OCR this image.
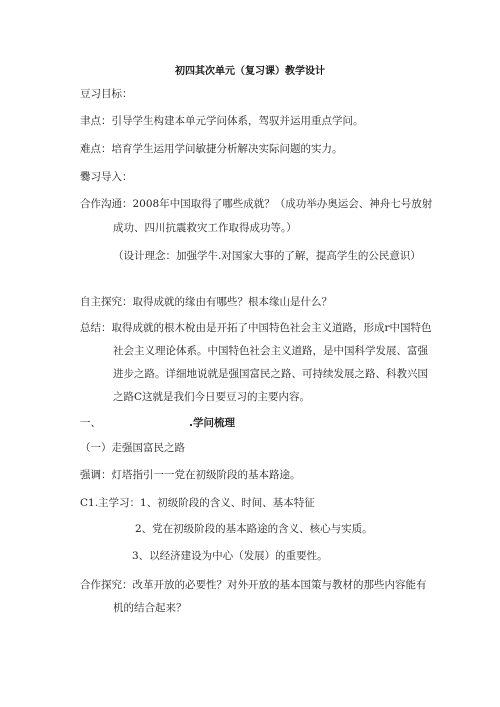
初四其次单元（复习课）教学设计
豆习目标：
聿点：引导学生构建本单元学问体系，驾驭并运用重点学问。
难点：培育学生运用学问敏捷分析解决实际问题的实力。
爨习导入：
合作沟通：2008年中国取得了哪些成就？（成功举办奥运会、神舟七号放射
成功、四川抗震救灾工作取得成功等。）
（设计理念：加强学牛.对国家大事的了解，提高学生的公民意识）
自主探究：取得成就的缘由有哪些？根本缘山是什么？
总结：取得成就的根木梲由是开拓了中国特色社会主义道路，形成r中国特色
社会主义理论体系。中国特色社会主义道路，是中国科学发展、富强
进步之路。详细地说就是强国富民之路、可持续发展之路、科教兴国
之路C这就是我们今日要豆习的主要内容。
一、	.学问梳理
（一）走强国富民之路
强调：灯塔指引一一党在初级阶段的基本路途。
C1.主学习：1、初级阶段的含义、时间、基本特征
2、党在初级阶段的基本路途的含义、核心与实质。
3、以经济建设为中心（发展）的重要性。
合作探究：改革开放的必要性？对外开放的基本国策与教材的那些内容能有
机的结合起来？
